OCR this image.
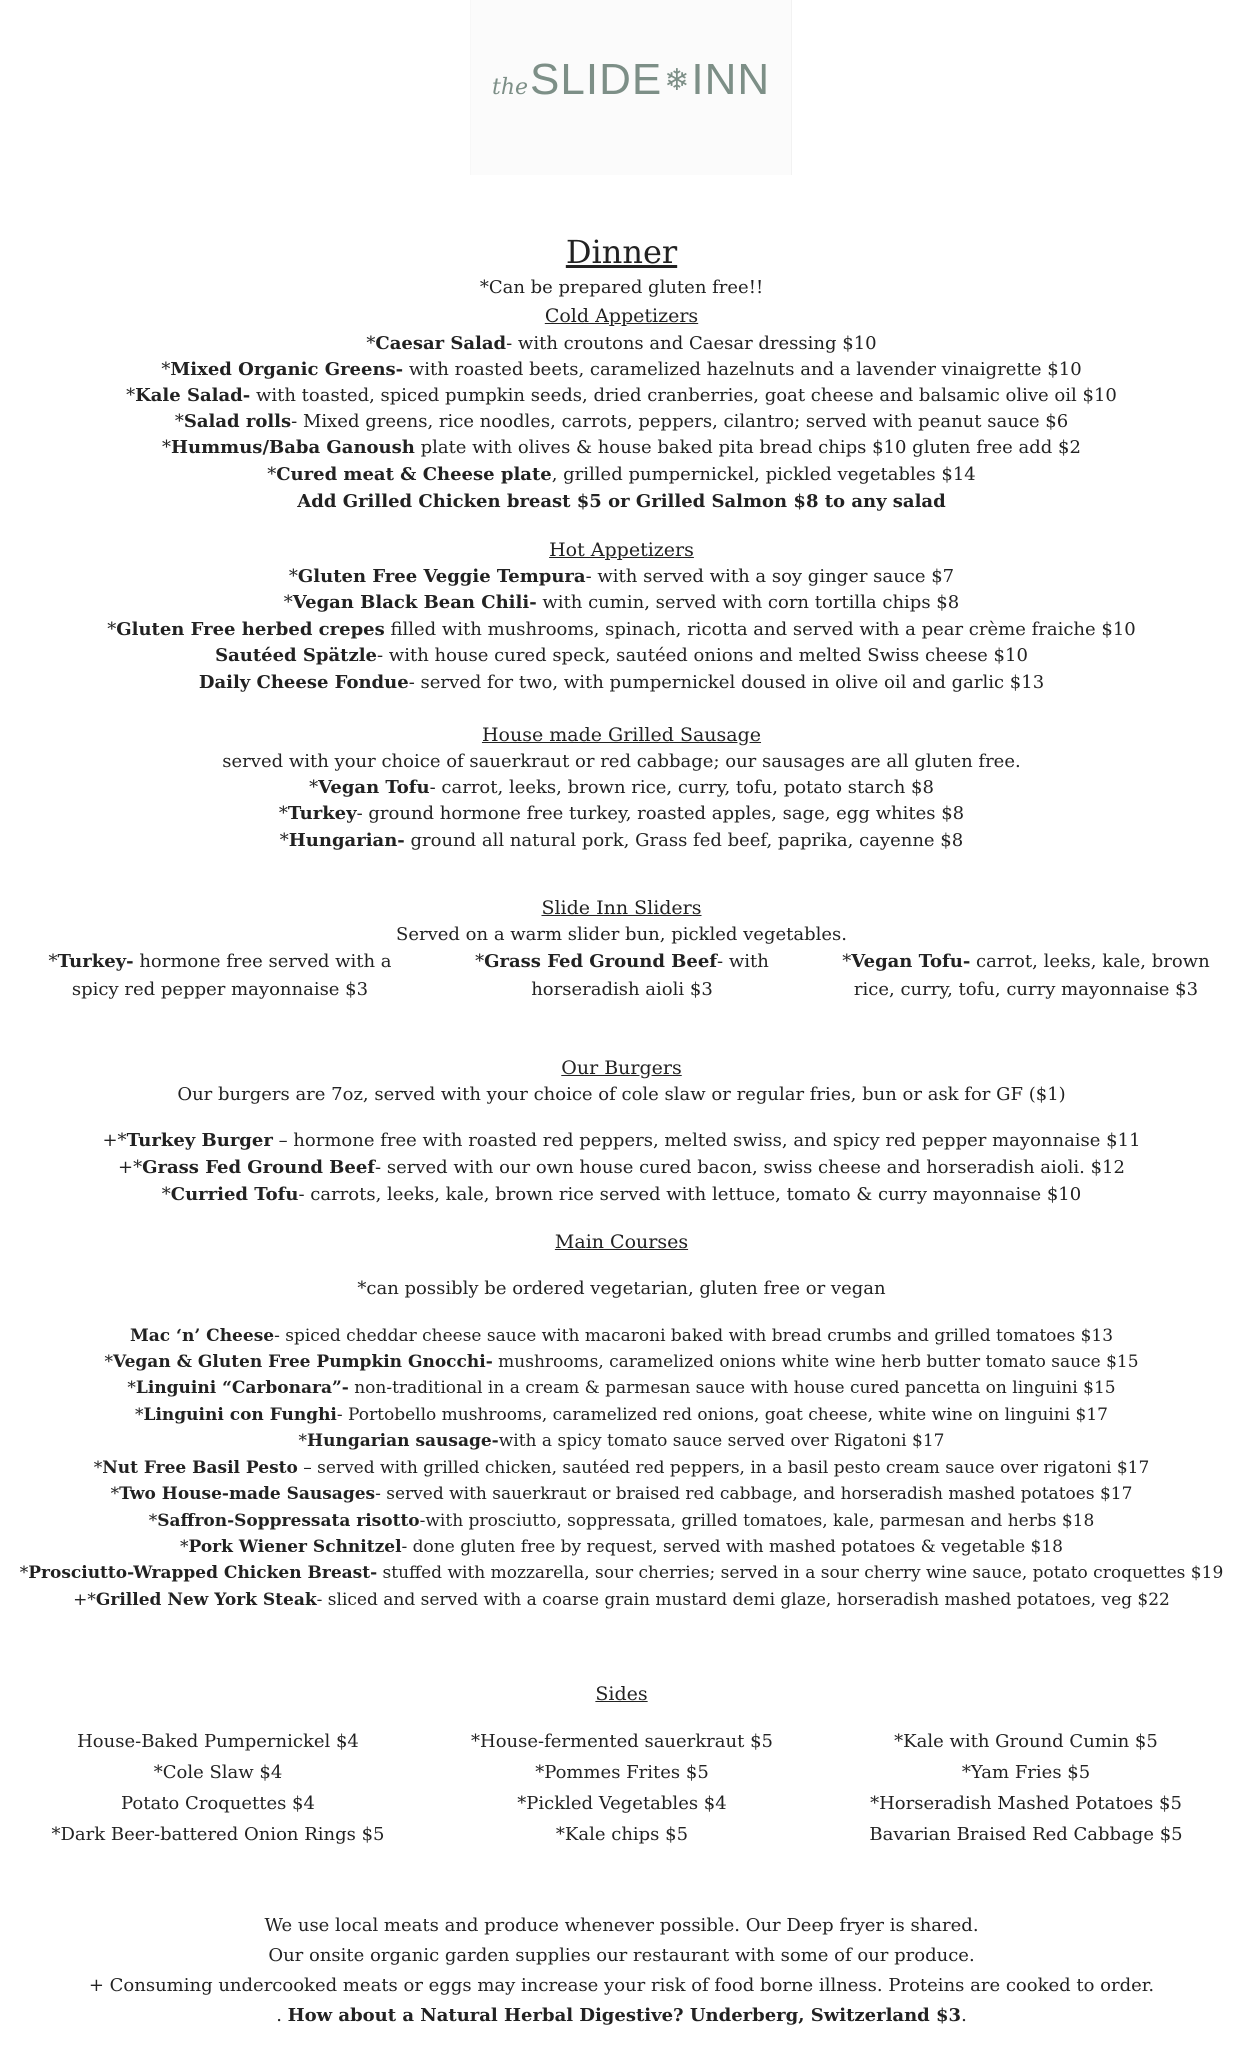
the SLIDE ❄ INN
Dinner
*Can be prepared gluten free!!
Cold Appetizers
*Caesar Salad- with croutons and Caesar dressing $10
*Mixed Organic Greens- with roasted beets, caramelized hazelnuts and a lavender vinaigrette $10
*Kale Salad- with toasted, spiced pumpkin seeds, dried cranberries, goat cheese and balsamic olive oil $10
*Salad rolls- Mixed greens, rice noodles, carrots, peppers, cilantro; served with peanut sauce $6
*Hummus/Baba Ganoush plate with olives & house baked pita bread chips $10 gluten free add $2
*Cured meat & Cheese plate, grilled pumpernickel, pickled vegetables $14
Add Grilled Chicken breast $5 or Grilled Salmon $8 to any salad
Hot Appetizers
*Gluten Free Veggie Tempura- with served with a soy ginger sauce $7
*Vegan Black Bean Chili- with cumin, served with corn tortilla chips $8
*Gluten Free herbed crepes filled with mushrooms, spinach, ricotta and served with a pear crème fraiche $10
Sautéed Spätzle- with house cured speck, sautéed onions and melted Swiss cheese $10
Daily Cheese Fondue- served for two, with pumpernickel doused in olive oil and garlic $13
House made Grilled Sausage
served with your choice of sauerkraut or red cabbage; our sausages are all gluten free.
*Vegan Tofu- carrot, leeks, brown rice, curry, tofu, potato starch $8
*Turkey- ground hormone free turkey, roasted apples, sage, egg whites $8
*Hungarian- ground all natural pork, Grass fed beef, paprika, cayenne $8
Slide Inn Sliders
Served on a warm slider bun, pickled vegetables.
*Turkey- hormone free served with a
spicy red pepper mayonnaise $3
*Grass Fed Ground Beef- with
horseradish aioli $3
*Vegan Tofu- carrot, leeks, kale, brown
rice, curry, tofu, curry mayonnaise $3
Our Burgers
Our burgers are 7oz, served with your choice of cole slaw or regular fries, bun or ask for GF ($1)
+*Turkey Burger – hormone free with roasted red peppers, melted swiss, and spicy red pepper mayonnaise $11
+*Grass Fed Ground Beef- served with our own house cured bacon, swiss cheese and horseradish aioli. $12
*Curried Tofu- carrots, leeks, kale, brown rice served with lettuce, tomato & curry mayonnaise $10
Main Courses
*can possibly be ordered vegetarian, gluten free or vegan
Mac ‘n’ Cheese- spiced cheddar cheese sauce with macaroni baked with bread crumbs and grilled tomatoes $13
*Vegan & Gluten Free Pumpkin Gnocchi- mushrooms, caramelized onions white wine herb butter tomato sauce $15
*Linguini “Carbonara”- non-traditional in a cream & parmesan sauce with house cured pancetta on linguini $15
*Linguini con Funghi- Portobello mushrooms, caramelized red onions, goat cheese, white wine on linguini $17
*Hungarian sausage-with a spicy tomato sauce served over Rigatoni $17
*Nut Free Basil Pesto – served with grilled chicken, sautéed red peppers, in a basil pesto cream sauce over rigatoni $17
*Two House-made Sausages- served with sauerkraut or braised red cabbage, and horseradish mashed potatoes $17
*Saffron-Soppressata risotto-with prosciutto, soppressata, grilled tomatoes, kale, parmesan and herbs $18
*Pork Wiener Schnitzel- done gluten free by request, served with mashed potatoes & vegetable $18
*Prosciutto-Wrapped Chicken Breast- stuffed with mozzarella, sour cherries; served in a sour cherry wine sauce, potato croquettes $19
+*Grilled New York Steak- sliced and served with a coarse grain mustard demi glaze, horseradish mashed potatoes, veg $22
Sides
House-Baked Pumpernickel $4
*Cole Slaw $4
Potato Croquettes $4
*Dark Beer-battered Onion Rings $5
*House-fermented sauerkraut $5
*Pommes Frites $5
*Pickled Vegetables $4
*Kale chips $5
*Kale with Ground Cumin $5
*Yam Fries $5
*Horseradish Mashed Potatoes $5
Bavarian Braised Red Cabbage $5
We use local meats and produce whenever possible. Our Deep fryer is shared.
Our onsite organic garden supplies our restaurant with some of our produce.
+ Consuming undercooked meats or eggs may increase your risk of food borne illness. Proteins are cooked to order.
. How about a Natural Herbal Digestive? Underberg, Switzerland $3.
